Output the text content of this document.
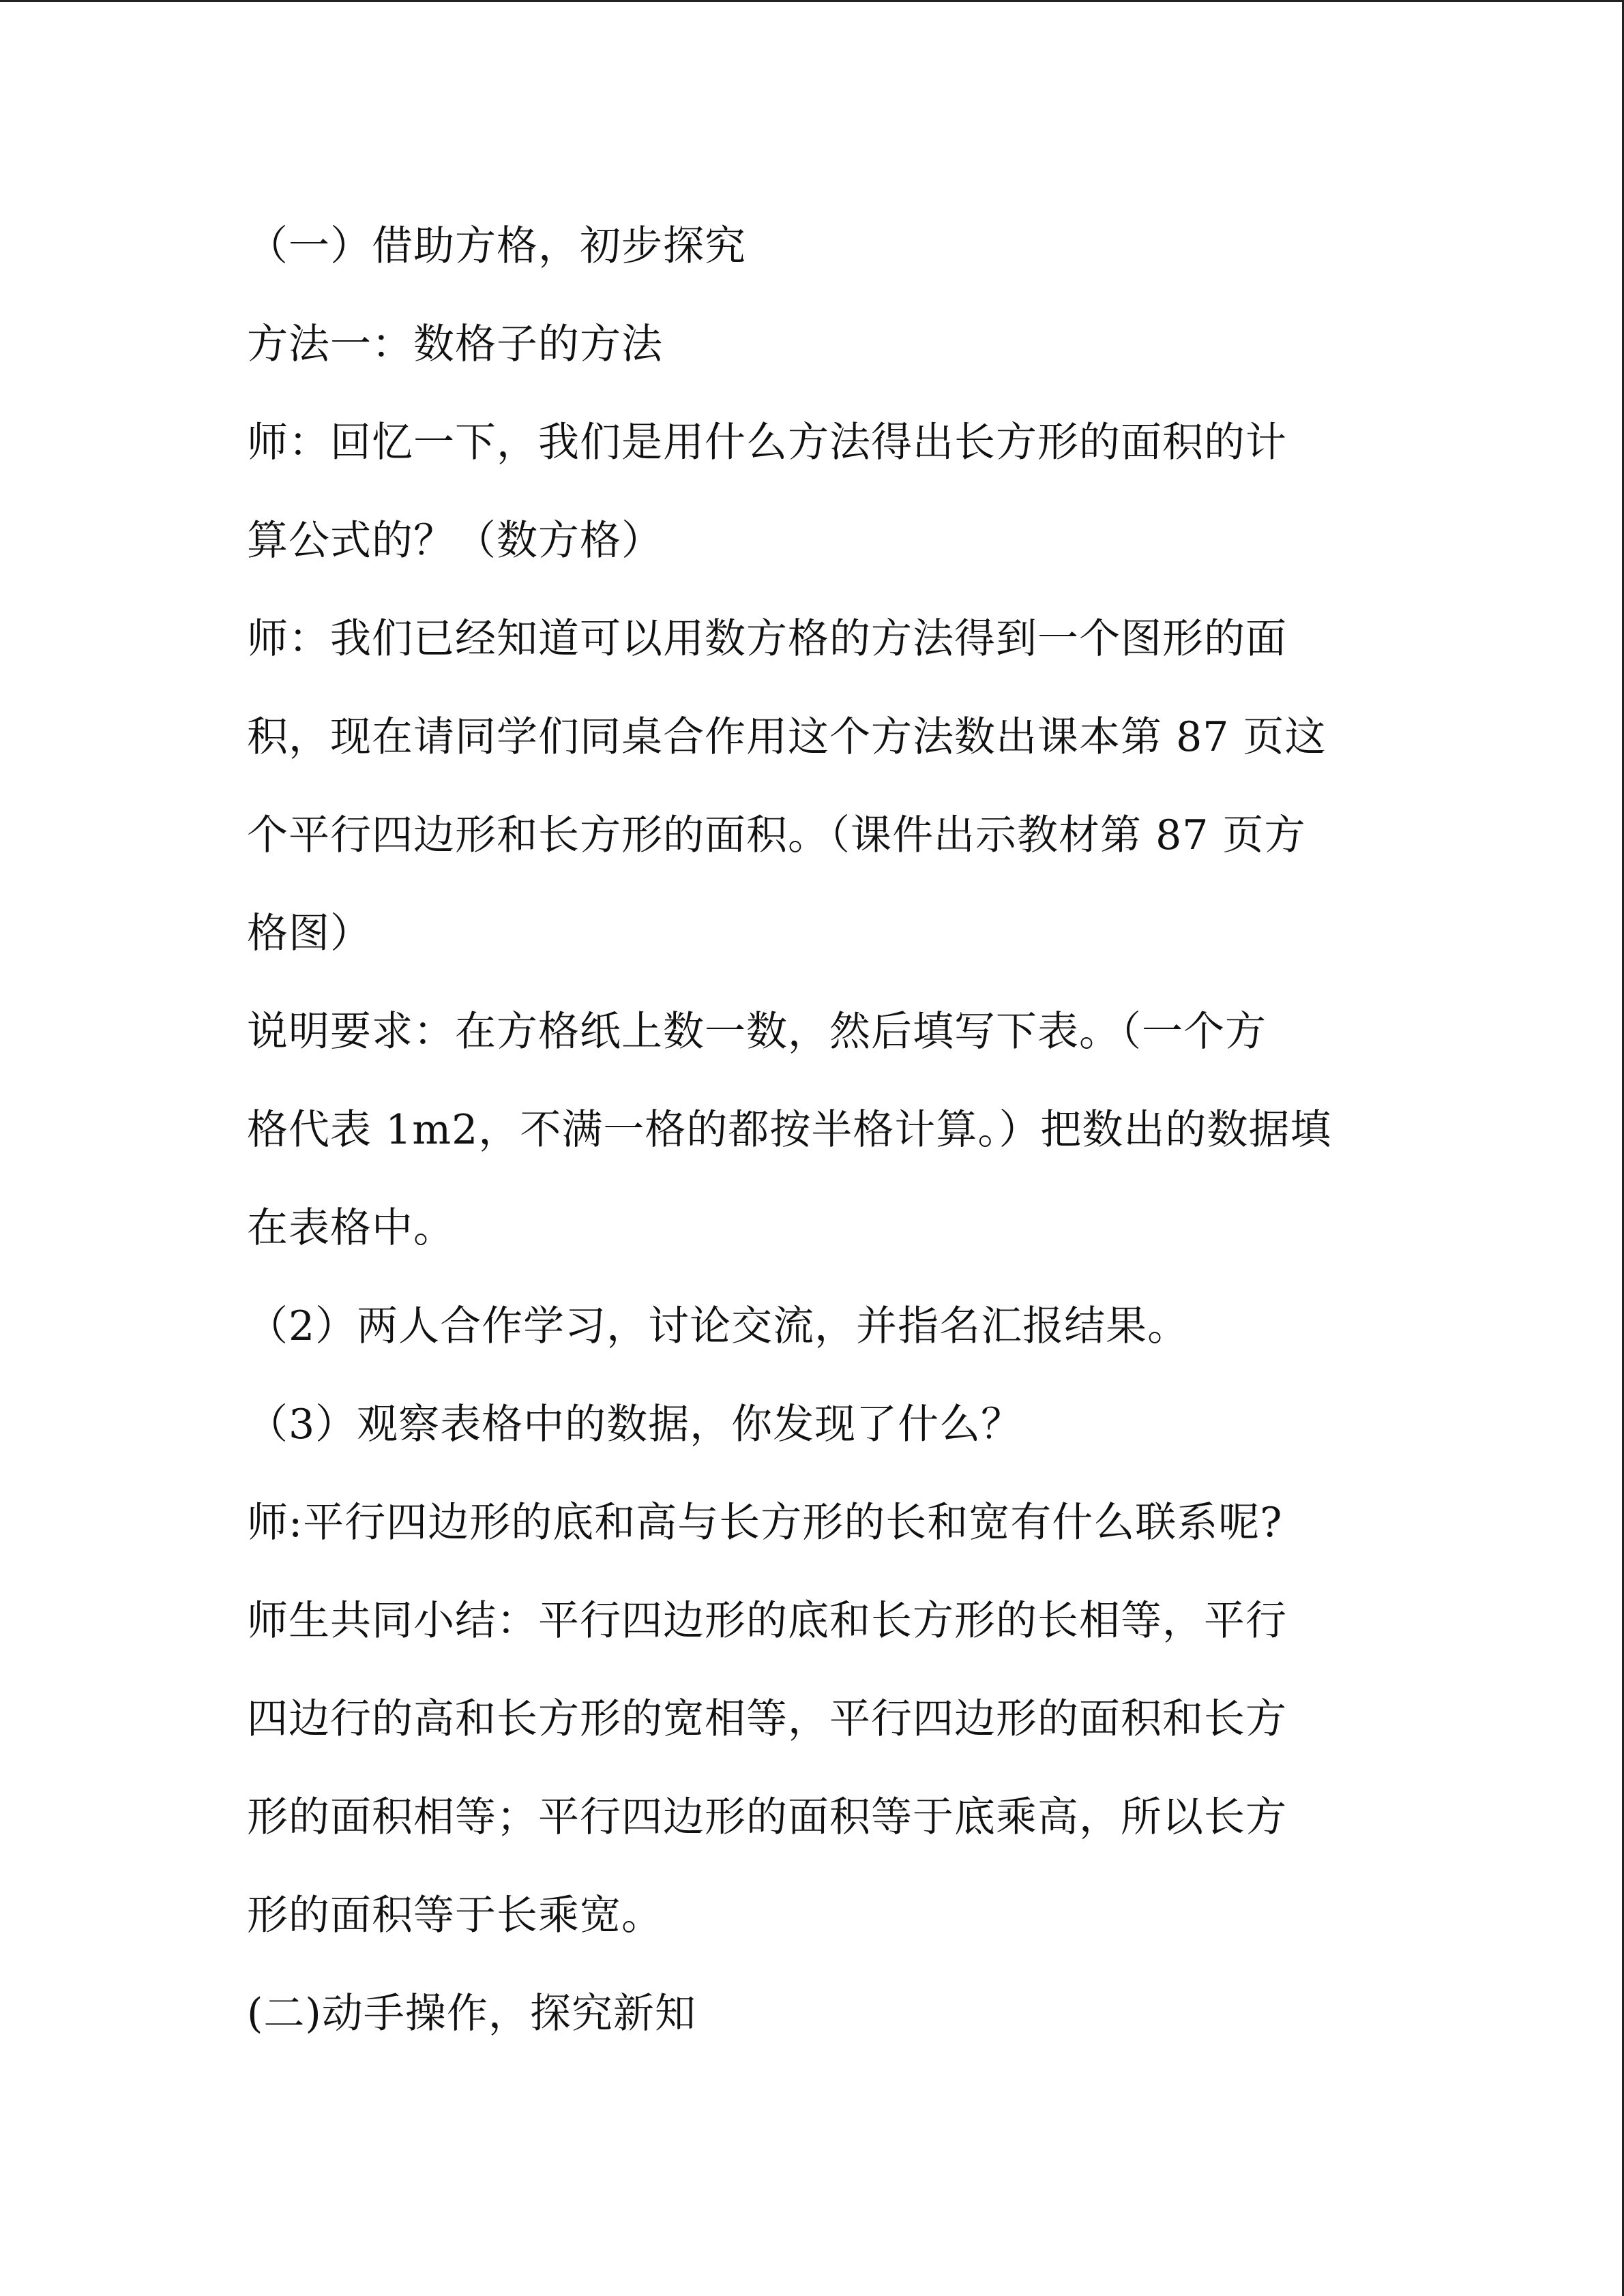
（一）借助方格，初步探究

方法一：数格子的方法

师：回忆一下，我们是用什么方法得出长方形的面积的计

算公式的？（数方格）

师：我们已经知道可以用数方格的方法得到一个图形的面

积，现在请同学们同桌合作用这个方法数出课本第 87 页这

个平行四边形和长方形的面积。（课件出示教材第 87 页方

格图）

说明要求：在方格纸上数一数，然后填写下表。（一个方

格代表 1m2，不满一格的都按半格计算。）把数出的数据填

在表格中。

（2）两人合作学习，讨论交流，并指名汇报结果。

（3）观察表格中的数据，你发现了什么？

师:平行四边形的底和高与长方形的长和宽有什么联系呢?

师生共同小结：平行四边形的底和长方形的长相等，平行

四边行的高和长方形的宽相等，平行四边形的面积和长方

形的面积相等；平行四边形的面积等于底乘高，所以长方

形的面积等于长乘宽。

(二)动手操作，探究新知
